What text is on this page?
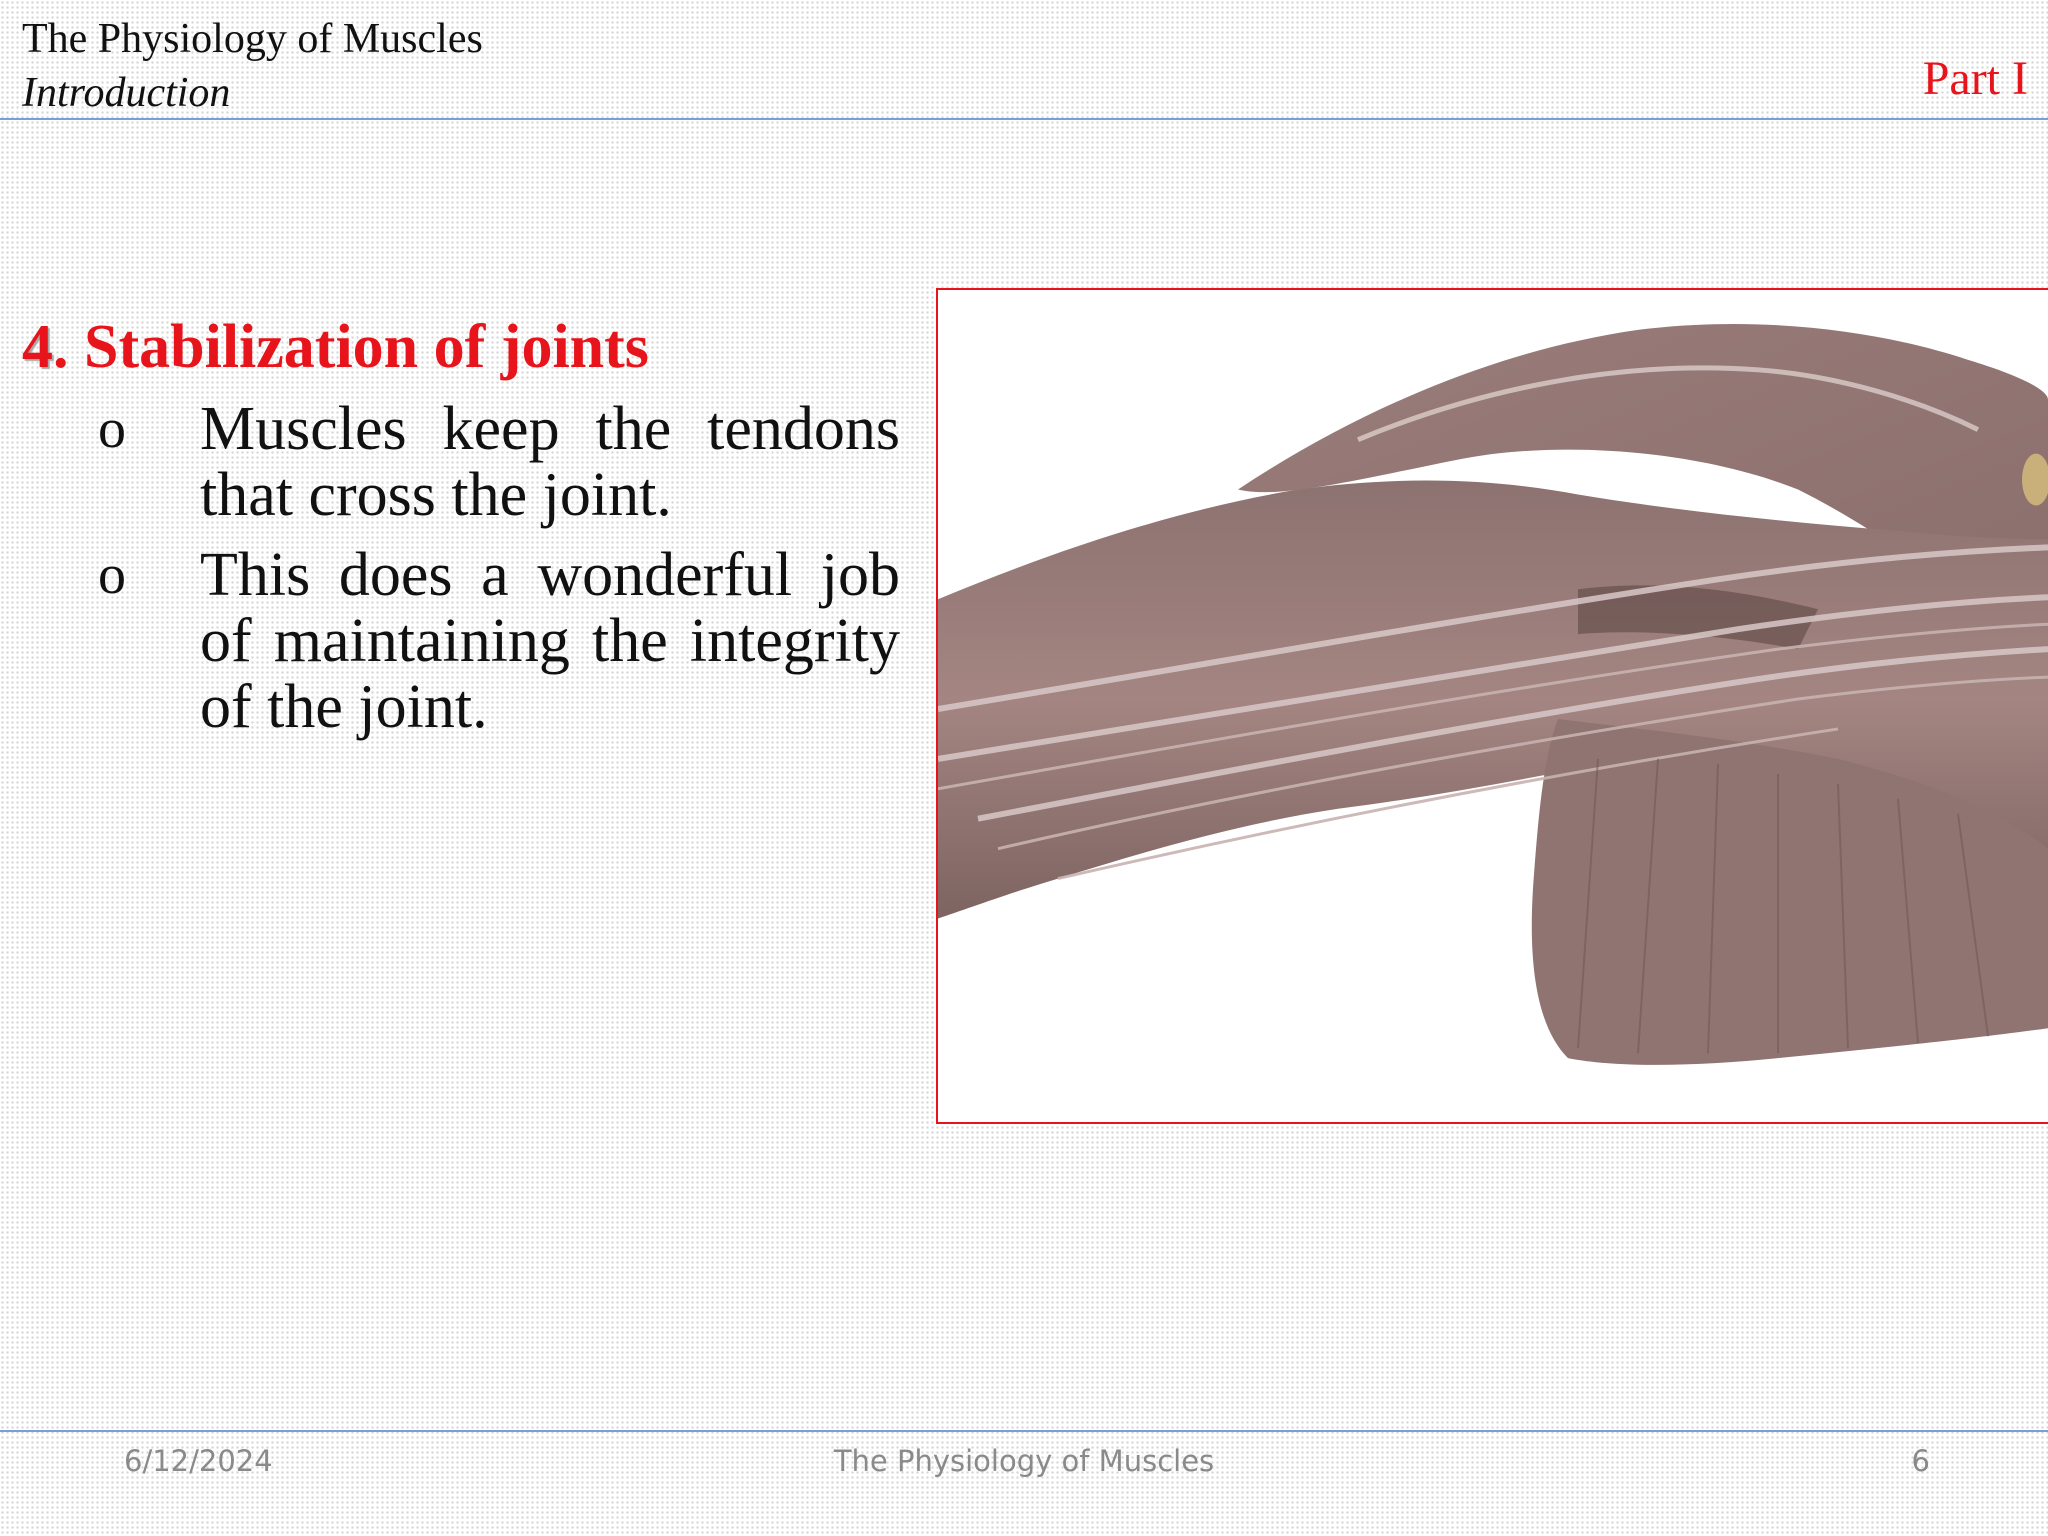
The Physiology of Muscles
Introduction	Part I
4. Stabilization of joints
o Muscles keep the tendons that cross the joint.
o This does a wonderful job of maintaining the integrity of the joint.
6/12/2024	The Physiology of Muscles	6
